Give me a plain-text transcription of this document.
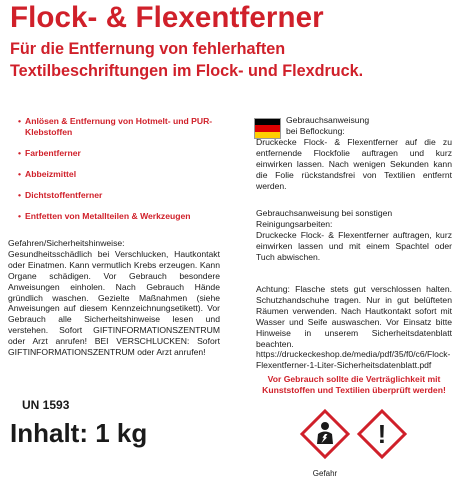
Flock- & Flexentferner
Für die Entfernung von fehlerhaften
Textilbeschriftungen im Flock- und Flexdruck.
• Anlösen & Entfernung von Hotmelt- und PUR-Klebstoffen
• Farbentferner
• Abbeizmittel
• Dichtstoffentferner
• Entfetten von Metallteilen & Werkzeugen
Gefahren/Sicherheitshinweise:
Gesundheitsschädlich bei Verschlucken, Hautkontakt oder Einatmen. Kann vermutlich Krebs erzeugen. Kann Organe schädigen. Vor Gebrauch besondere Anweisungen einholen. Nach Gebrauch Hände gründlich waschen. Gezielte Maßnahmen (siehe Anweisungen auf diesem Kennzeichnungsetikett). Vor Gebrauch alle Sicherheitshinweise lesen und verstehen. Sofort GIFTINFORMATIONSZENTRUM oder Arzt anrufen! BEI VERSCHLUCKEN: Sofort GIFTINFORMATIONSZENTRUM oder Arzt anrufen!
UN 1593
Inhalt: 1 kg
Gebrauchsanweisung
bei Beflockung:
Druckecke Flock- & Flexentferner auf die zu entfernende Flockfolie auftragen und kurz einwirken lassen. Nach wenigen Sekunden kann die Folie rückstandsfrei von Textilien entfernt werden.
Gebrauchsanweisung bei sonstigen
Reinigungsarbeiten:
Druckecke Flock- & Flexentferner auftragen, kurz einwirken lassen und mit einem Spachtel oder Tuch abwischen.
Achtung: Flasche stets gut verschlossen halten. Schutzhandschuhe tragen. Nur in gut belüfteten Räumen verwenden. Nach Hautkontakt sofort mit Wasser und Seife auswaschen. Vor Einsatz bitte Hinweise in unserem Sicherheitsdatenblatt beachten.
https://druckeckeshop.de/media/pdf/35/f0/c6/Flock-Flexentferner-1-Liter-Sicherheitsdatenblatt.pdf
Vor Gebrauch sollte die Verträglichkeit mit Kunststoffen und Textilien überprüft werden!
!
Gefahr
